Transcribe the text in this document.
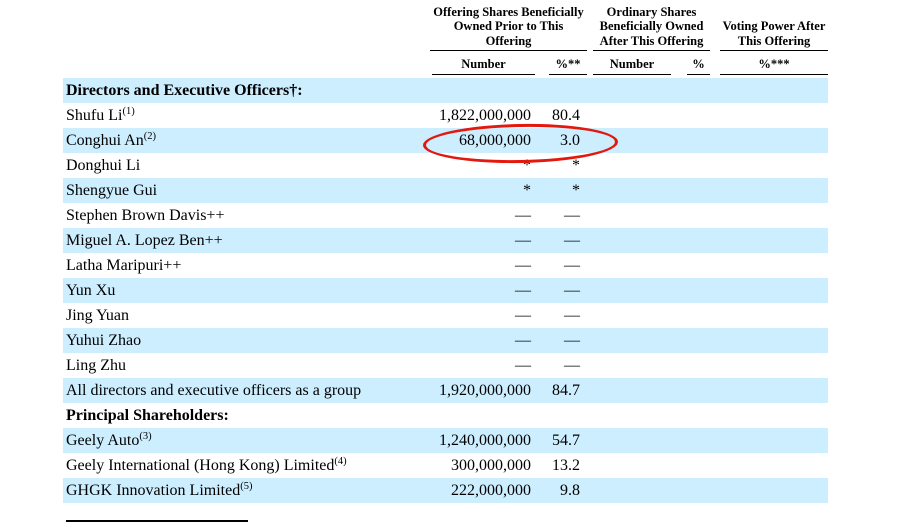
Offering Shares Beneficially
Owned Prior to This
Offering

Ordinary Shares
Beneficially Owned
After This Offering

Voting Power After
This Offering

	Number	%**		Number	%		%***

Directors and Executive Officers†:							
Shufu Li$^{(1)}$	1,822,000,000	80.4					
Conghui An$^{(2)}$	68,000,000	3.0					
Donghui Li	*	*					
Shengyue Gui	*	*					
Stephen Brown Davis++	—	—					
Miguel A. Lopez Ben++	—	—					
Latha Maripuri++	—	—					
Yun Xu	—	—					
Jing Yuan	—	—					
Yuhui Zhao	—	—					
Ling Zhu	—	—					
All directors and executive officers as a group	1,920,000,000	84.7					
Principal Shareholders:							
Geely Auto$^{(3)}$	1,240,000,000	54.7					
Geely International (Hong Kong) Limited$^{(4)}$	300,000,000	13.2					
GHGK Innovation Limited$^{(5)}$	222,000,000	9.8					
